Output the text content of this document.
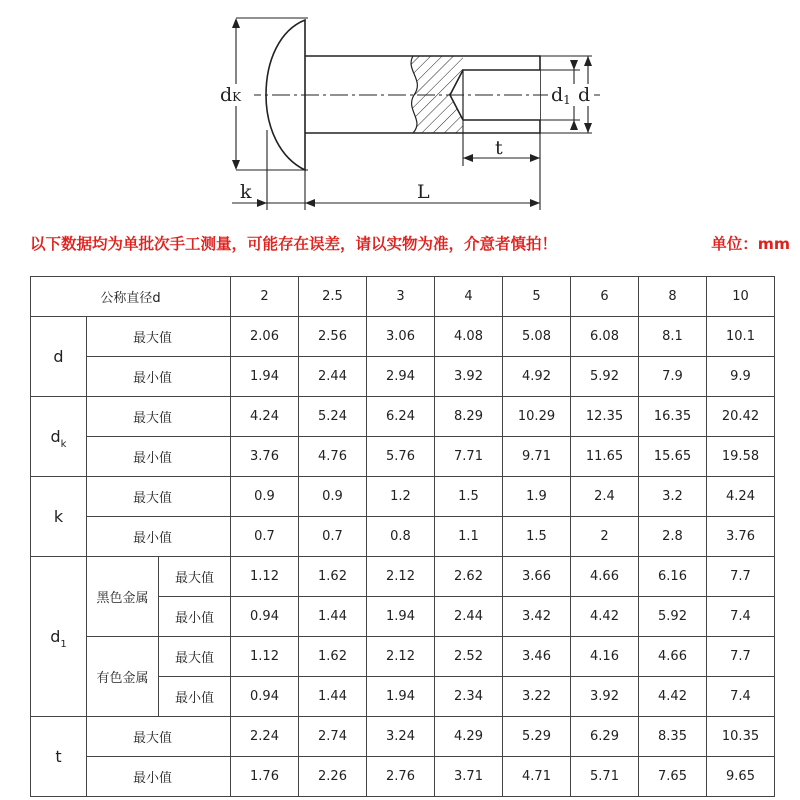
dK	d1 d
t
k	L
以下数据均为单批次手工测量，可能存在误差，请以实物为准，介意者慎拍！	单位：mm
公称直径d			2	2.5	3	4	5	6	8	10
d	最大值		2.06	2.56	3.06	4.08	5.08	6.08	8.1	10.1
	最小值		1.94	2.44	2.94	3.92	4.92	5.92	7.9	9.9
$d_k$	最大值		4.24	5.24	6.24	8.29	10.29	12.35	16.35	20.42
	最小值		3.76	4.76	5.76	7.71	9.71	11.65	15.65	19.58
k	最大值		0.9	0.9	1.2	1.5	1.9	2.4	3.2	4.24
	最小值		0.7	0.7	0.8	1.1	1.5	2	2.8	3.76
$d_1$	黑色金属	最大值	1.12	1.62	2.12	2.62	3.66	4.66	6.16	7.7
		最小值	0.94	1.44	1.94	2.44	3.42	4.42	5.92	7.4
	有色金属	最大值	1.12	1.62	2.12	2.52	3.46	4.16	4.66	7.7
		最小值	0.94	1.44	1.94	2.34	3.22	3.92	4.42	7.4
t	最大值		2.24	2.74	3.24	4.29	5.29	6.29	8.35	10.35
	最小值		1.76	2.26	2.76	3.71	4.71	5.71	7.65	9.65
